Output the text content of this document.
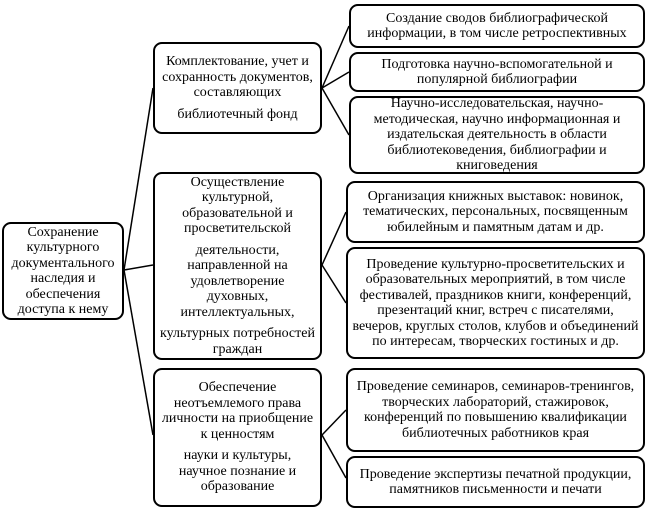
Сохранение культурного документального наследия и обеспечения доступа к нему
Комплектование, учет и сохранность документов, составляющих
библиотечный фонд
Осуществление культурной, образовательной и просветительской
деятельности, направленной на удовлетворение духовных, интеллектуальных,
культурных потребностей граждан
Обеспечение неотъемлемого права личности на приобщение к ценностям
науки и культуры, научное познание и образование
Создание сводов библиографической информации, в том числе ретроспективных
Подготовка научно-вспомогательной и популярной библиографии
Научно-исследовательская, научно-методическая, научно информационная и издательская деятельность в области библиотековедения, библиографии и книговедения
Организация книжных выставок: новинок, тематических, персональных, посвященным юбилейным и памятным датам и др.
Проведение культурно-просветительских и образовательных мероприятий, в том числе фестивалей, праздников книги, конференций, презентаций книг, встреч с писателями, вечеров, круглых столов, клубов и объединений по интересам, творческих гостиных и др.
Проведение семинаров, семинаров-тренингов, творческих лабораторий, стажировок, конференций по повышению квалификации библиотечных работников края
Проведение экспертизы печатной продукции, памятников письменности и печати
